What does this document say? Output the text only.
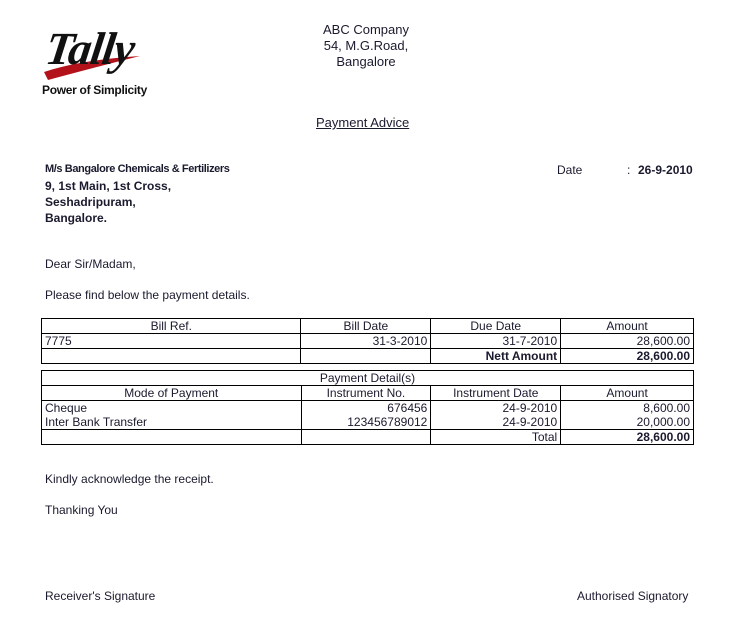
Tally
Power of Simplicity
ABC Company
54, M.G.Road,
Bangalore
Payment Advice
M/s Bangalore Chemicals & Fertilizers
9, 1st Main, 1st Cross,
Seshadripuram,
Bangalore.
Date	: 26-9-2010
Dear Sir/Madam,
Please find below the payment details.
Bill Ref.	Bill Date	Due Date	Amount
7775	31-3-2010	31-7-2010	28,600.00
		Nett Amount	28,600.00
Payment Detail(s)			
Mode of Payment	Instrument No.	Instrument Date	Amount
Cheque	676456	24-9-2010	8,600.00
Inter Bank Transfer	123456789012	24-9-2010	20,000.00
		Total	28,600.00
Kindly acknowledge the receipt.
Thanking You
Receiver's Signature	Authorised Signatory
